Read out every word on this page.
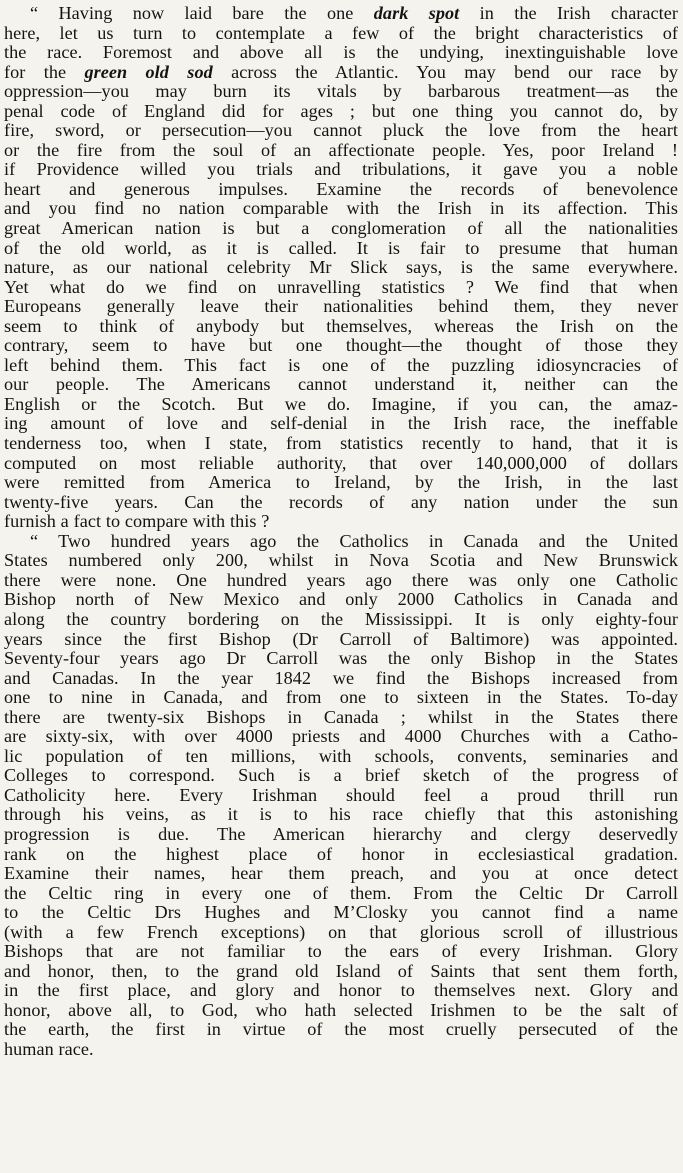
“ Having now laid bare the one dark spot in the Irish character
here, let us turn to contemplate a few of the bright characteristics of
the race. Foremost and above all is the undying, inextinguishable love
for the green old sod across the Atlantic. You may bend our race by
oppression—you may burn its vitals by barbarous treatment—as the
penal code of England did for ages ; but one thing you cannot do, by
fire, sword, or persecution—you cannot pluck the love from the heart
or the fire from the soul of an affectionate people. Yes, poor Ireland !
if Providence willed you trials and tribulations, it gave you a noble
heart and generous impulses. Examine the records of benevolence
and you find no nation comparable with the Irish in its affection. This
great American nation is but a conglomeration of all the nationalities
of the old world, as it is called. It is fair to presume that human
nature, as our national celebrity Mr Slick says, is the same everywhere.
Yet what do we find on unravelling statistics ? We find that when
Europeans generally leave their nationalities behind them, they never
seem to think of anybody but themselves, whereas the Irish on the
contrary, seem to have but one thought—the thought of those they
left behind them. This fact is one of the puzzling idiosyncracies of
our people. The Americans cannot understand it, neither can the
English or the Scotch. But we do. Imagine, if you can, the amaz-
ing amount of love and self-denial in the Irish race, the ineffable
tenderness too, when I state, from statistics recently to hand, that it is
computed on most reliable authority, that over 140,000,000 of dollars
were remitted from America to Ireland, by the Irish, in the last
twenty-five years. Can the records of any nation under the sun
furnish a fact to compare with this ?

“ Two hundred years ago the Catholics in Canada and the United
States numbered only 200, whilst in Nova Scotia and New Brunswick
there were none. One hundred years ago there was only one Catholic
Bishop north of New Mexico and only 2000 Catholics in Canada and
along the country bordering on the Mississippi. It is only eighty-four
years since the first Bishop (Dr Carroll of Baltimore) was appointed.
Seventy-four years ago Dr Carroll was the only Bishop in the States
and Canadas. In the year 1842 we find the Bishops increased from
one to nine in Canada, and from one to sixteen in the States. To-day
there are twenty-six Bishops in Canada ; whilst in the States there
are sixty-six, with over 4000 priests and 4000 Churches with a Catho-
lic population of ten millions, with schools, convents, seminaries and
Colleges to correspond. Such is a brief sketch of the progress of
Catholicity here. Every Irishman should feel a proud thrill run
through his veins, as it is to his race chiefly that this astonishing
progression is due. The American hierarchy and clergy deservedly
rank on the highest place of honor in ecclesiastical gradation.
Examine their names, hear them preach, and you at once detect
the Celtic ring in every one of them. From the Celtic Dr Carroll
to the Celtic Drs Hughes and M’Closky you cannot find a name
(with a few French exceptions) on that glorious scroll of illustrious
Bishops that are not familiar to the ears of every Irishman. Glory
and honor, then, to the grand old Island of Saints that sent them forth,
in the first place, and glory and honor to themselves next. Glory and
honor, above all, to God, who hath selected Irishmen to be the salt of
the earth, the first in virtue of the most cruelly persecuted of the
human race.
